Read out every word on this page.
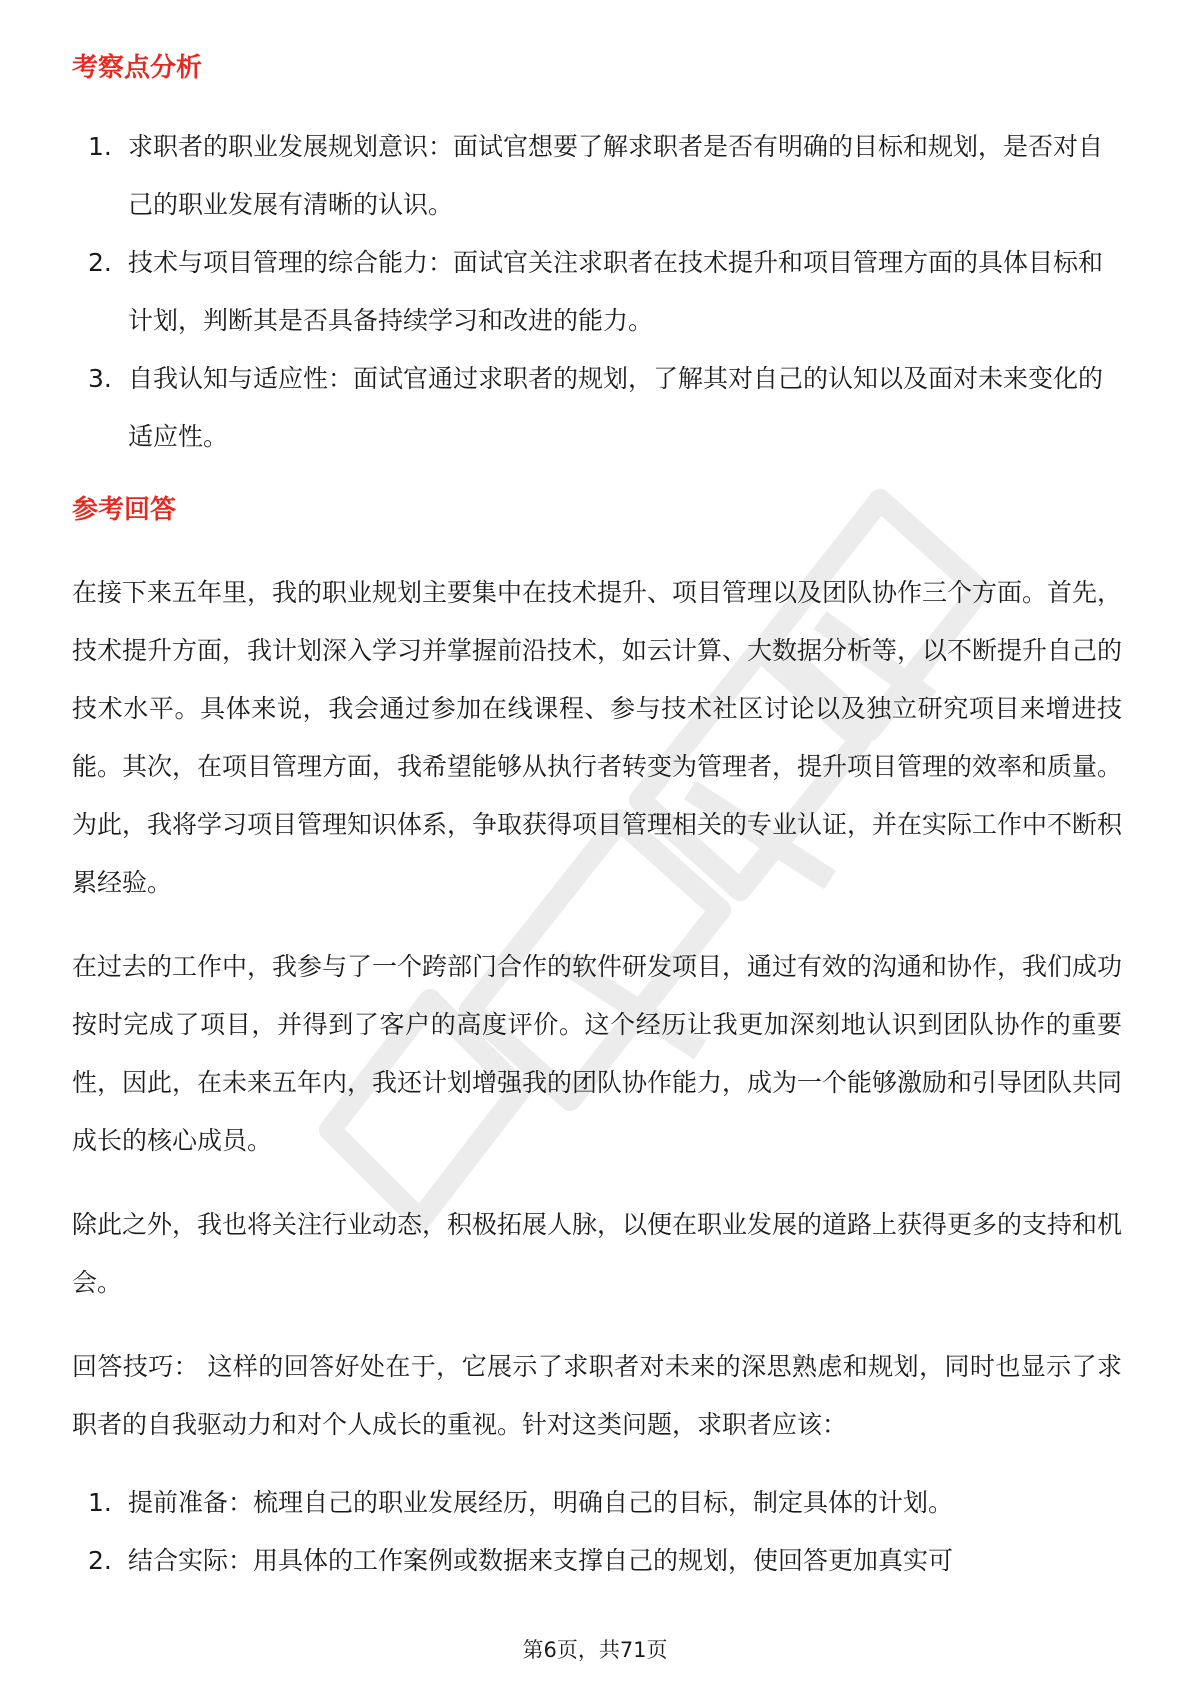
考察点分析
1. 求职者的职业发展规划意识：面试官想要了解求职者是否有明确的目标和规划，是否对自己的职业发展有清晰的认识。
2. 技术与项目管理的综合能力：面试官关注求职者在技术提升和项目管理方面的具体目标和计划，判断其是否具备持续学习和改进的能力。
3. 自我认知与适应性：面试官通过求职者的规划，了解其对自己的认知以及面对未来变化的适应性。
参考回答

在接下来五年里，我的职业规划主要集中在技术提升、项目管理以及团队协作三个方面。首先，技术提升方面，我计划深入学习并掌握前沿技术，如云计算、大数据分析等，以不断提升自己的技术水平。具体来说，我会通过参加在线课程、参与技术社区讨论以及独立研究项目来增进技能。其次，在项目管理方面，我希望能够从执行者转变为管理者，提升项目管理的效率和质量。为此，我将学习项目管理知识体系，争取获得项目管理相关的专业认证，并在实际工作中不断积累经验。

在过去的工作中，我参与了一个跨部门合作的软件研发项目，通过有效的沟通和协作，我们成功按时完成了项目，并得到了客户的高度评价。这个经历让我更加深刻地认识到团队协作的重要性，因此，在未来五年内，我还计划增强我的团队协作能力，成为一个能够激励和引导团队共同成长的核心成员。

除此之外，我也将关注行业动态，积极拓展人脉，以便在职业发展的道路上获得更多的支持和机会。

回答技巧： 这样的回答好处在于，它展示了求职者对未来的深思熟虑和规划，同时也显示了求职者的自我驱动力和对个人成长的重视。针对这类问题，求职者应该：

1. 提前准备：梳理自己的职业发展经历，明确自己的目标，制定具体的计划。
2. 结合实际：用具体的工作案例或数据来支撑自己的规划，使回答更加真实可
第6页，共71页
